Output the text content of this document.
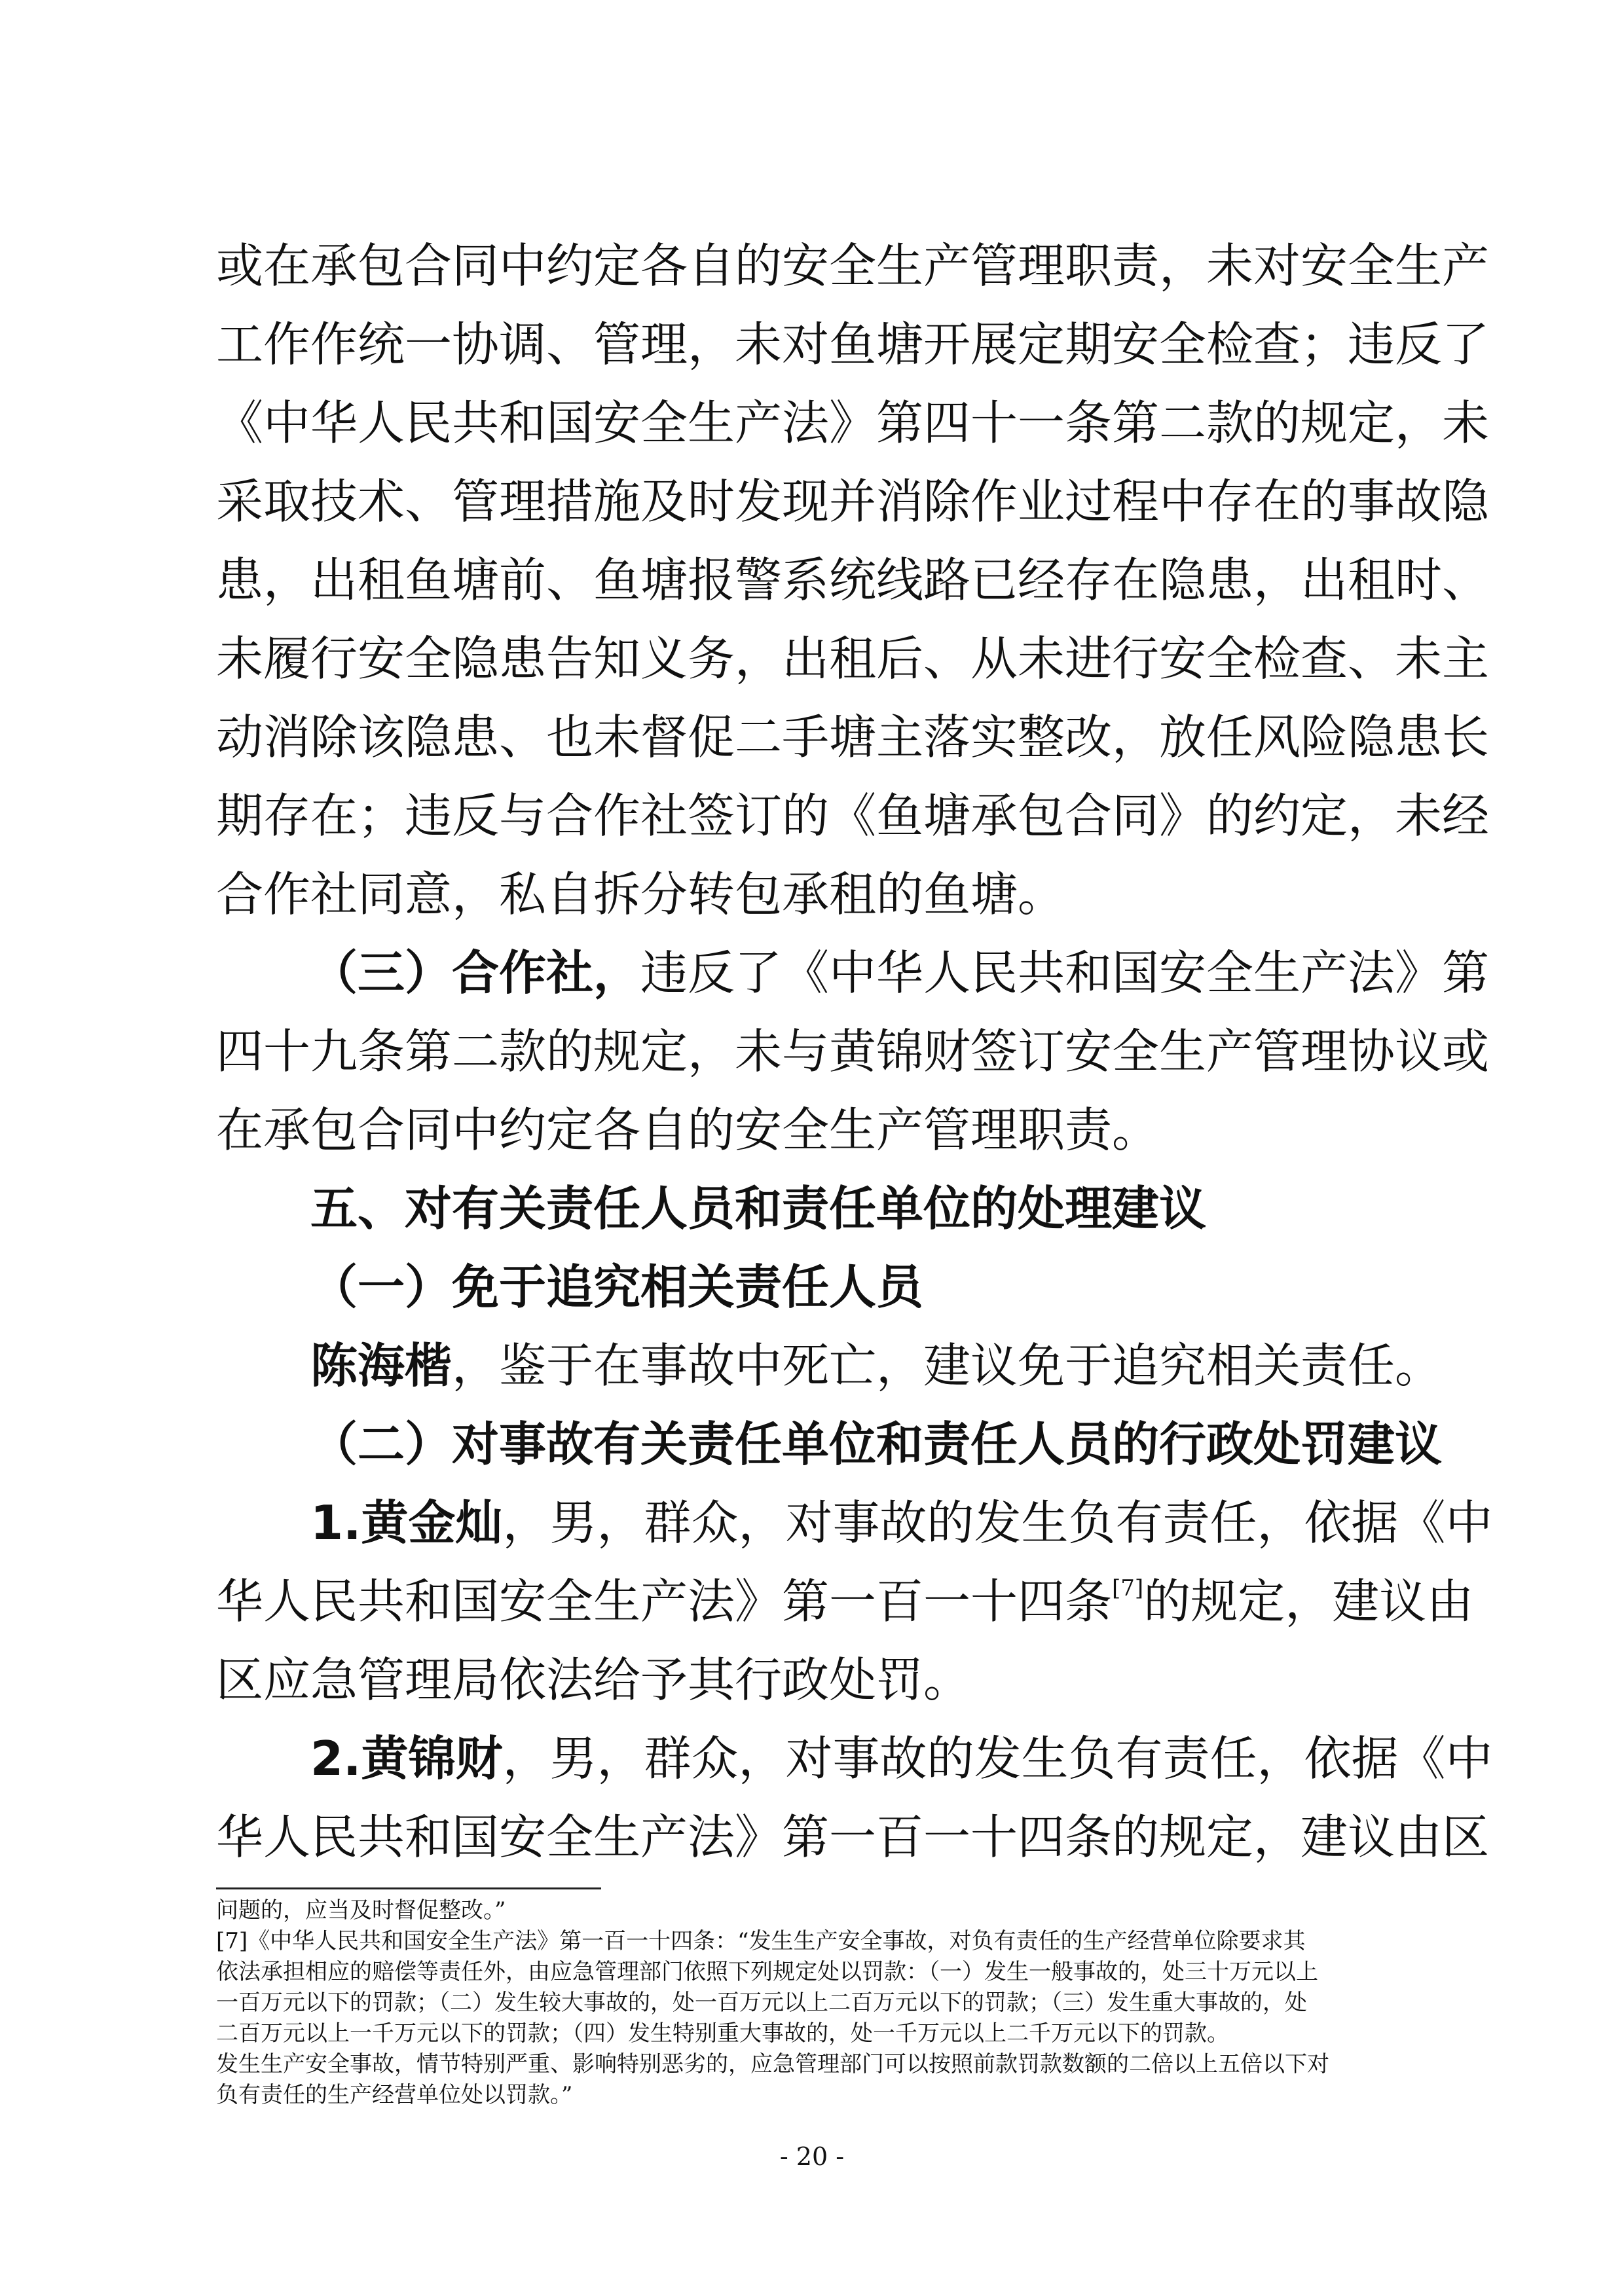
或在承包合同中约定各自的安全生产管理职责，未对安全生产
工作作统一协调、管理，未对鱼塘开展定期安全检查；违反了
《中华人民共和国安全生产法》第四十一条第二款的规定，未
采取技术、管理措施及时发现并消除作业过程中存在的事故隐
患，出租鱼塘前、鱼塘报警系统线路已经存在隐患，出租时、
未履行安全隐患告知义务，出租后、从未进行安全检查、未主
动消除该隐患、也未督促二手塘主落实整改，放任风险隐患长
期存在；违反与合作社签订的《鱼塘承包合同》的约定，未经
合作社同意，私自拆分转包承租的鱼塘。
（三）合作社，违反了《中华人民共和国安全生产法》第
四十九条第二款的规定，未与黄锦财签订安全生产管理协议或
在承包合同中约定各自的安全生产管理职责。
五、对有关责任人员和责任单位的处理建议
（一）免于追究相关责任人员
陈海楷，鉴于在事故中死亡，建议免于追究相关责任。
（二）对事故有关责任单位和责任人员的行政处罚建议
1.黄金灿，男，群众，对事故的发生负有责任，依据《中
华人民共和国安全生产法》第一百一十四条[7]的规定，建议由
区应急管理局依法给予其行政处罚。
2.黄锦财，男，群众，对事故的发生负有责任，依据《中
华人民共和国安全生产法》第一百一十四条的规定，建议由区
问题的，应当及时督促整改。”
[7]《中华人民共和国安全生产法》第一百一十四条：“发生生产安全事故，对负有责任的生产经营单位除要求其
依法承担相应的赔偿等责任外，由应急管理部门依照下列规定处以罚款：（一）发生一般事故的，处三十万元以上
一百万元以下的罚款；（二）发生较大事故的，处一百万元以上二百万元以下的罚款；（三）发生重大事故的，处
二百万元以上一千万元以下的罚款；（四）发生特别重大事故的，处一千万元以上二千万元以下的罚款。
发生生产安全事故，情节特别严重、影响特别恶劣的，应急管理部门可以按照前款罚款数额的二倍以上五倍以下对
负有责任的生产经营单位处以罚款。”
- 20 -
